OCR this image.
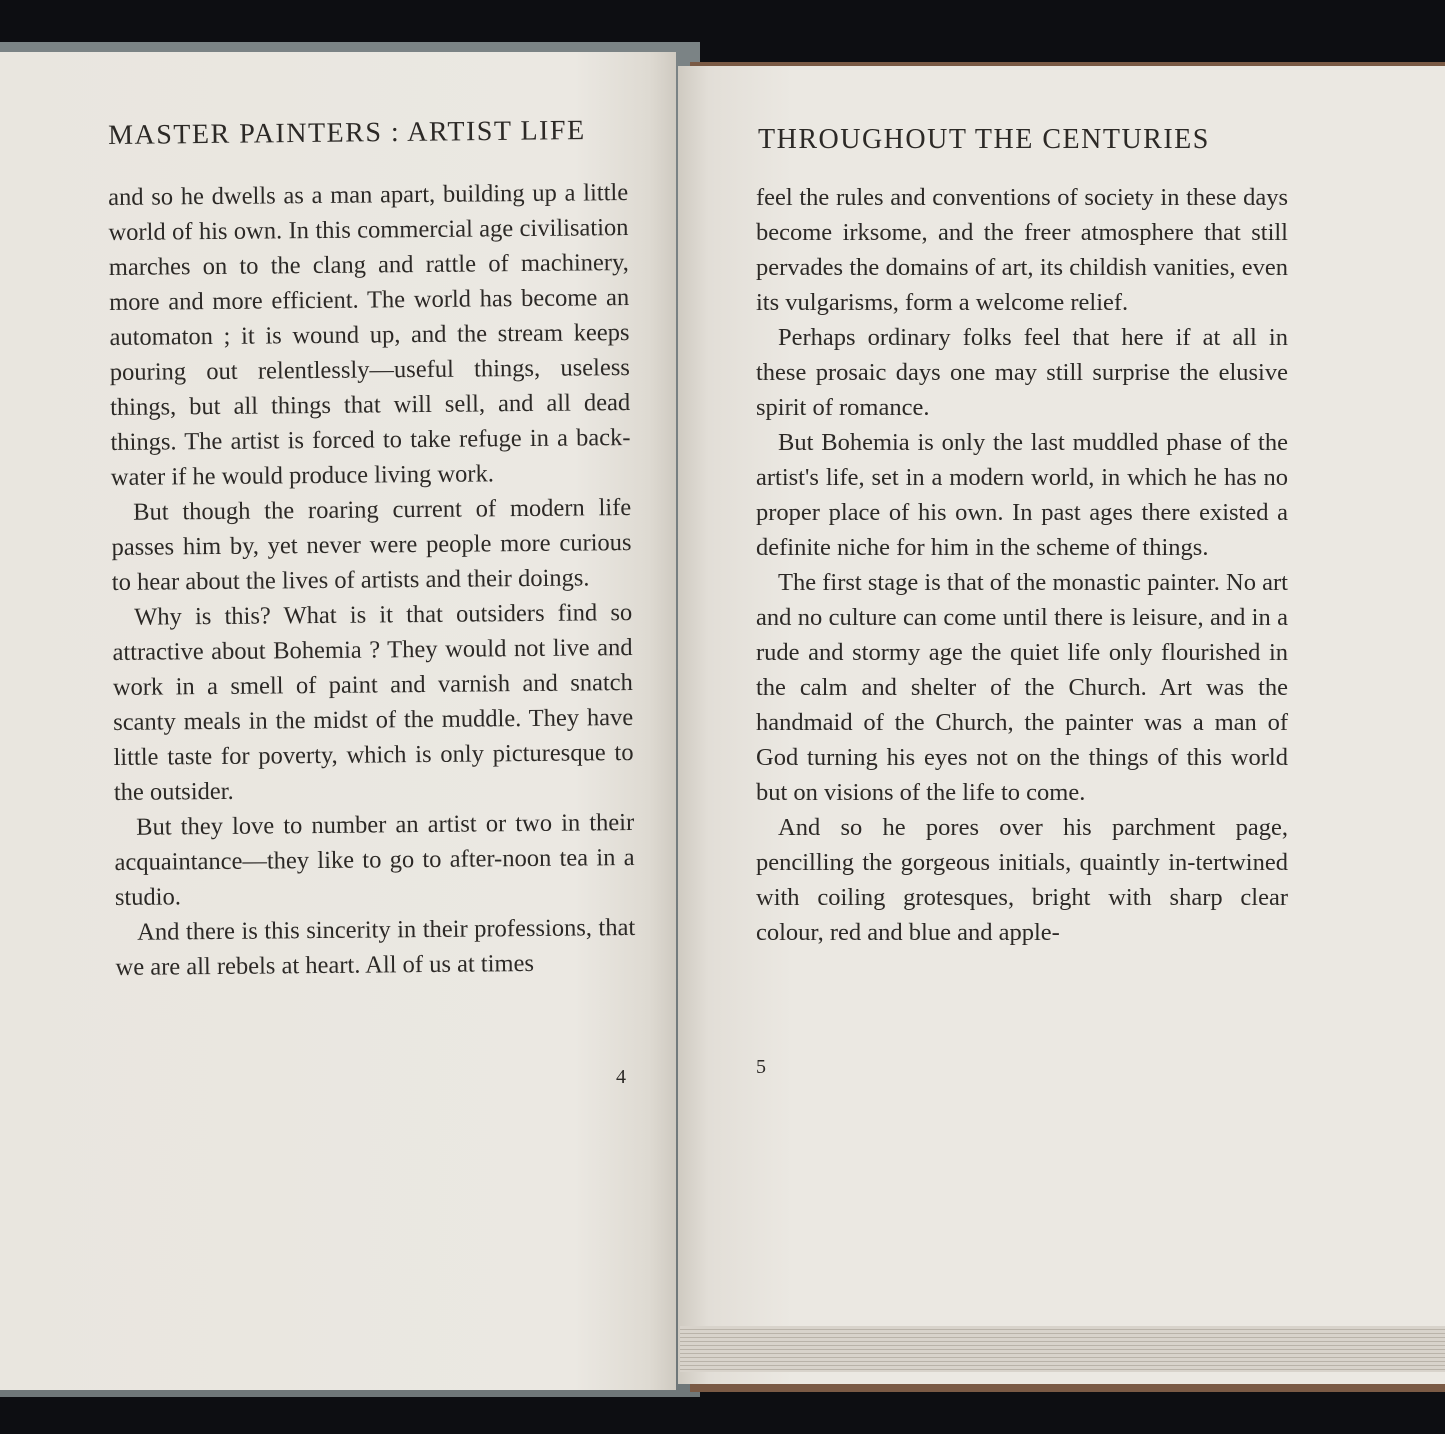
MASTER PAINTERS : ARTIST LIFE	THROUGHOUT THE CENTURIES

and so he dwells as a man apart, building up a little world of his own. In this commercial age civilisation marches on to the clang and rattle of machinery, more and more efficient. The world has become an automaton ; it is wound up, and the stream keeps pouring out relentlessly—useful things, useless things, but all things that will sell, and all dead things. The artist is forced to take refuge in a back-water if he would produce living work.

But though the roaring current of modern life passes him by, yet never were people more curious to hear about the lives of artists and their doings.

Why is this? What is it that outsiders find so attractive about Bohemia ? They would not live and work in a smell of paint and varnish and snatch scanty meals in the midst of the muddle. They have little taste for poverty, which is only picturesque to the outsider.

But they love to number an artist or two in their acquaintance—they like to go to after-noon tea in a studio.

And there is this sincerity in their professions, that we are all rebels at heart. All of us at times

feel the rules and conventions of society in these days become irksome, and the freer atmosphere that still pervades the domains of art, its childish vanities, even its vulgarisms, form a welcome relief.

Perhaps ordinary folks feel that here if at all in these prosaic days one may still surprise the elusive spirit of romance.

But Bohemia is only the last muddled phase of the artist's life, set in a modern world, in which he has no proper place of his own. In past ages there existed a definite niche for him in the scheme of things.

The first stage is that of the monastic painter. No art and no culture can come until there is leisure, and in a rude and stormy age the quiet life only flourished in the calm and shelter of the Church. Art was the handmaid of the Church, the painter was a man of God turning his eyes not on the things of this world but on visions of the life to come.

And so he pores over his parchment page, pencilling the gorgeous initials, quaintly in-tertwined with coiling grotesques, bright with sharp clear colour, red and blue and apple-

4	5
